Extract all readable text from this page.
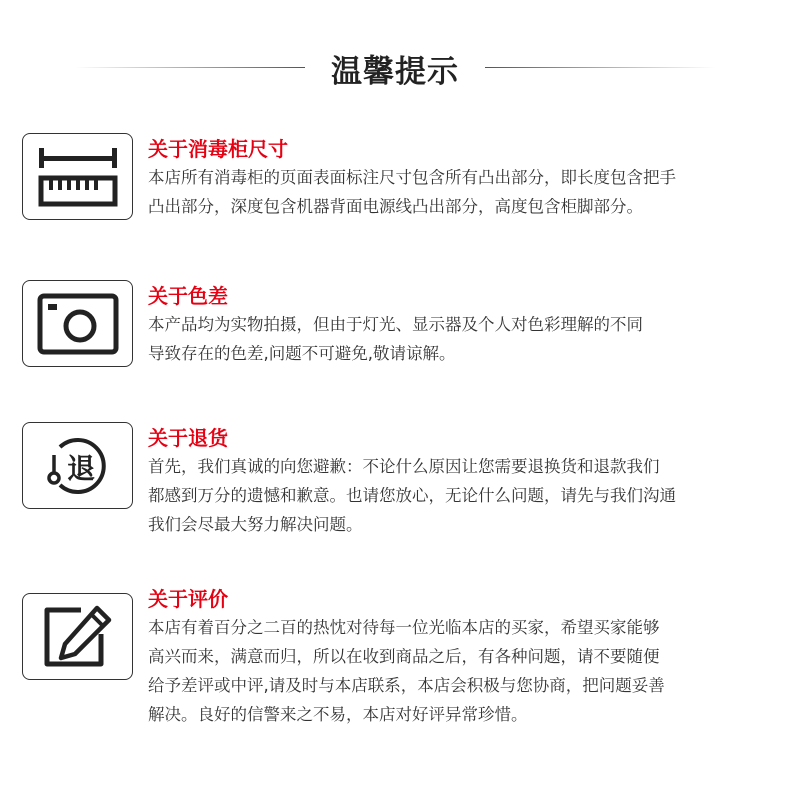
温馨提示
关于消毒柜尺寸

本店所有消毒柜的页面表面标注尺寸包含所有凸出部分，即长度包含把手

凸出部分，深度包含机器背面电源线凸出部分，高度包含柜脚部分。

关于色差

本产品均为实物拍摄，但由于灯光、显示器及个人对色彩理解的不同

导致存在的色差,问题不可避免,敬请谅解。

退
关于退货

首先，我们真诚的向您避歉：不论什么原因让您需要退换货和退款我们

都感到万分的遗憾和歉意。也请您放心，无论什么问题，请先与我们沟通

我们会尽最大努力解决问题。

关于评价

本店有着百分之二百的热忱对待每一位光临本店的买家，希望买家能够

高兴而来，满意而归，所以在收到商品之后，有各种问题，请不要随便

给予差评或中评,请及时与本店联系，本店会积极与您协商，把问题妥善

解决。良好的信警来之不易，本店对好评异常珍惜。
